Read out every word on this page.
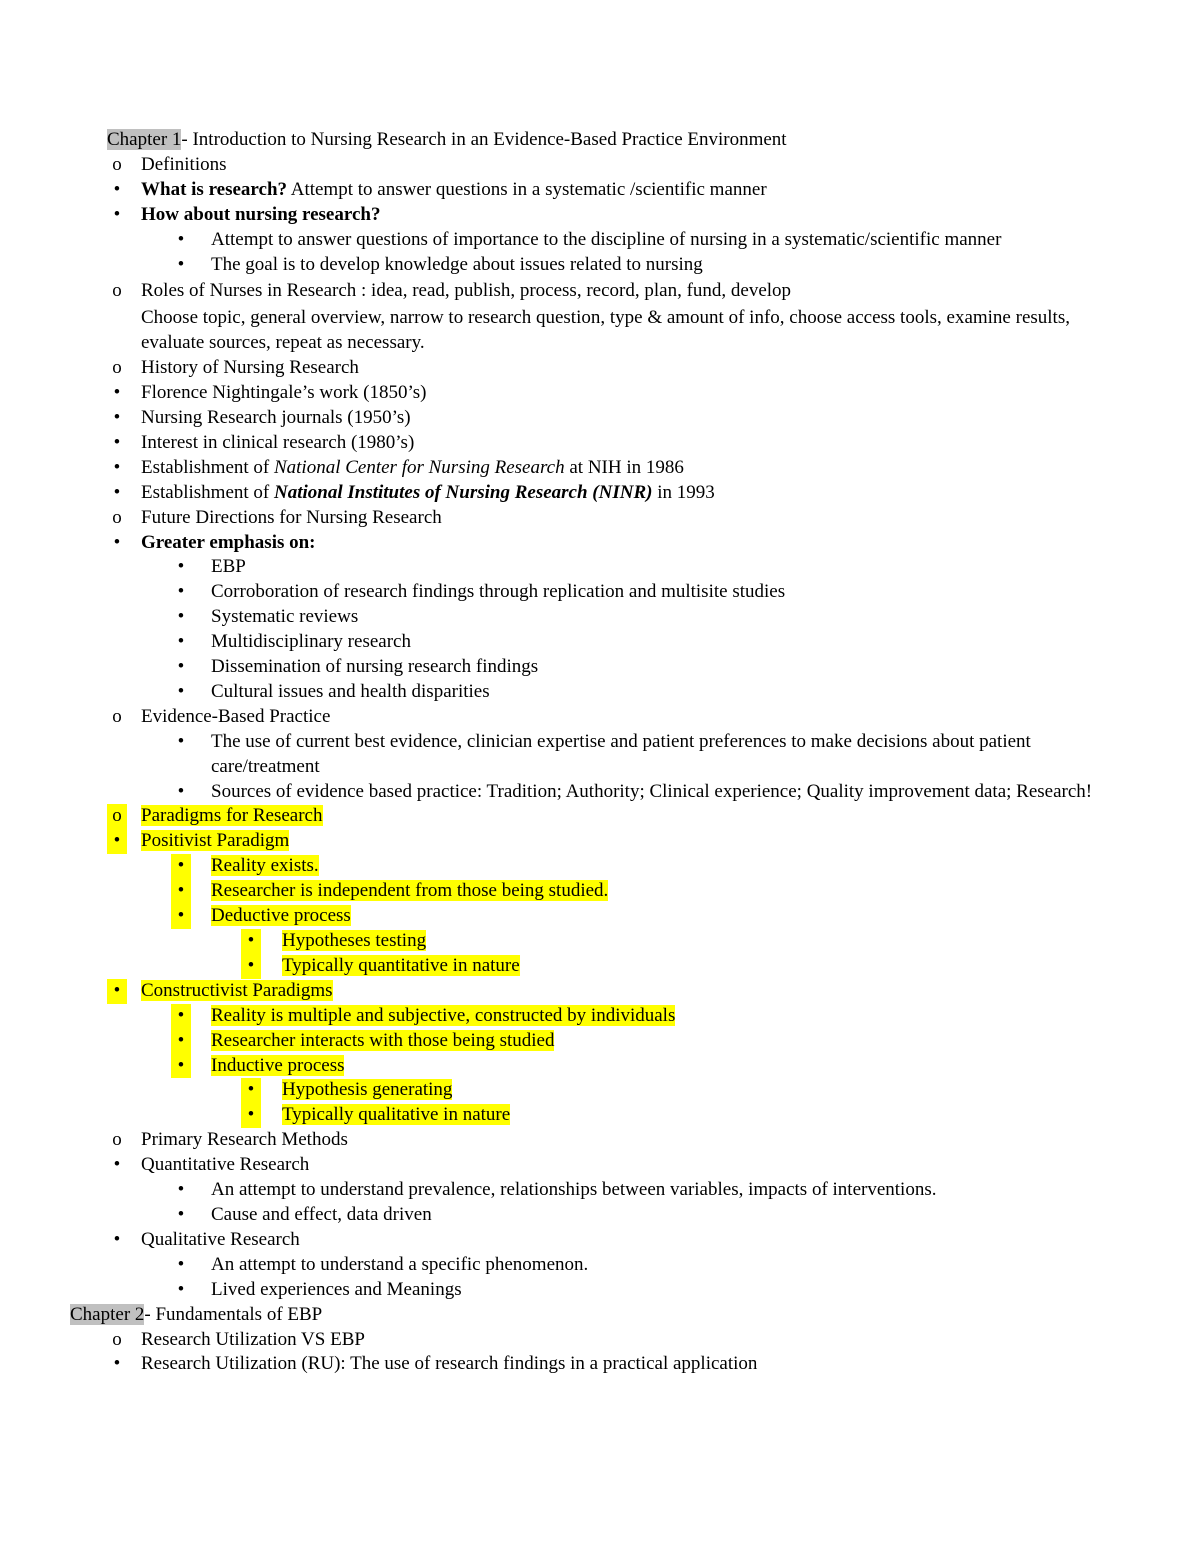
Chapter 1- Introduction to Nursing Research in an Evidence-Based Practice Environment
o Definitions
•	What is research? Attempt to answer questions in a systematic /scientific manner
•	How about nursing research?
•	Attempt to answer questions of importance to the discipline of nursing in a systematic/scientific manner
•	The goal is to develop knowledge about issues related to nursing
o Roles of Nurses in Research : idea, read, publish, process, record, plan, fund, develop
Choose topic, general overview, narrow to research question, type & amount of info, choose access tools, examine results, evaluate sources, repeat as necessary.
o History of Nursing Research
•	Florence Nightingale’s work (1850’s)
•	Nursing Research journals (1950’s)
•	Interest in clinical research (1980’s)
•	Establishment of National Center for Nursing Research at NIH in 1986
•	Establishment of National Institutes of Nursing Research (NINR) in 1993
o Future Directions for Nursing Research
•	Greater emphasis on:
•	EBP
•	Corroboration of research findings through replication and multisite studies
•	Systematic reviews
•	Multidisciplinary research
•	Dissemination of nursing research findings
•	Cultural issues and health disparities
o Evidence-Based Practice
•	The use of current best evidence, clinician expertise and patient preferences to make decisions about patient care/treatment
•	Sources of evidence based practice: Tradition; Authority; Clinical experience; Quality improvement data; Research!
o Paradigms for Research
•	Positivist Paradigm
•	Reality exists.
•	Researcher is independent from those being studied.
•	Deductive process
•	Hypotheses testing
•	Typically quantitative in nature
•	Constructivist Paradigms
•	Reality is multiple and subjective, constructed by individuals
•	Researcher interacts with those being studied
•	Inductive process
•	Hypothesis generating
•	Typically qualitative in nature
o Primary Research Methods
•	Quantitative Research
•	An attempt to understand prevalence, relationships between variables, impacts of interventions.
•	Cause and effect, data driven
•	Qualitative Research
•	An attempt to understand a specific phenomenon.
•	Lived experiences and Meanings
Chapter 2- Fundamentals of EBP
o Research Utilization VS EBP
•	Research Utilization (RU): The use of research findings in a practical application
